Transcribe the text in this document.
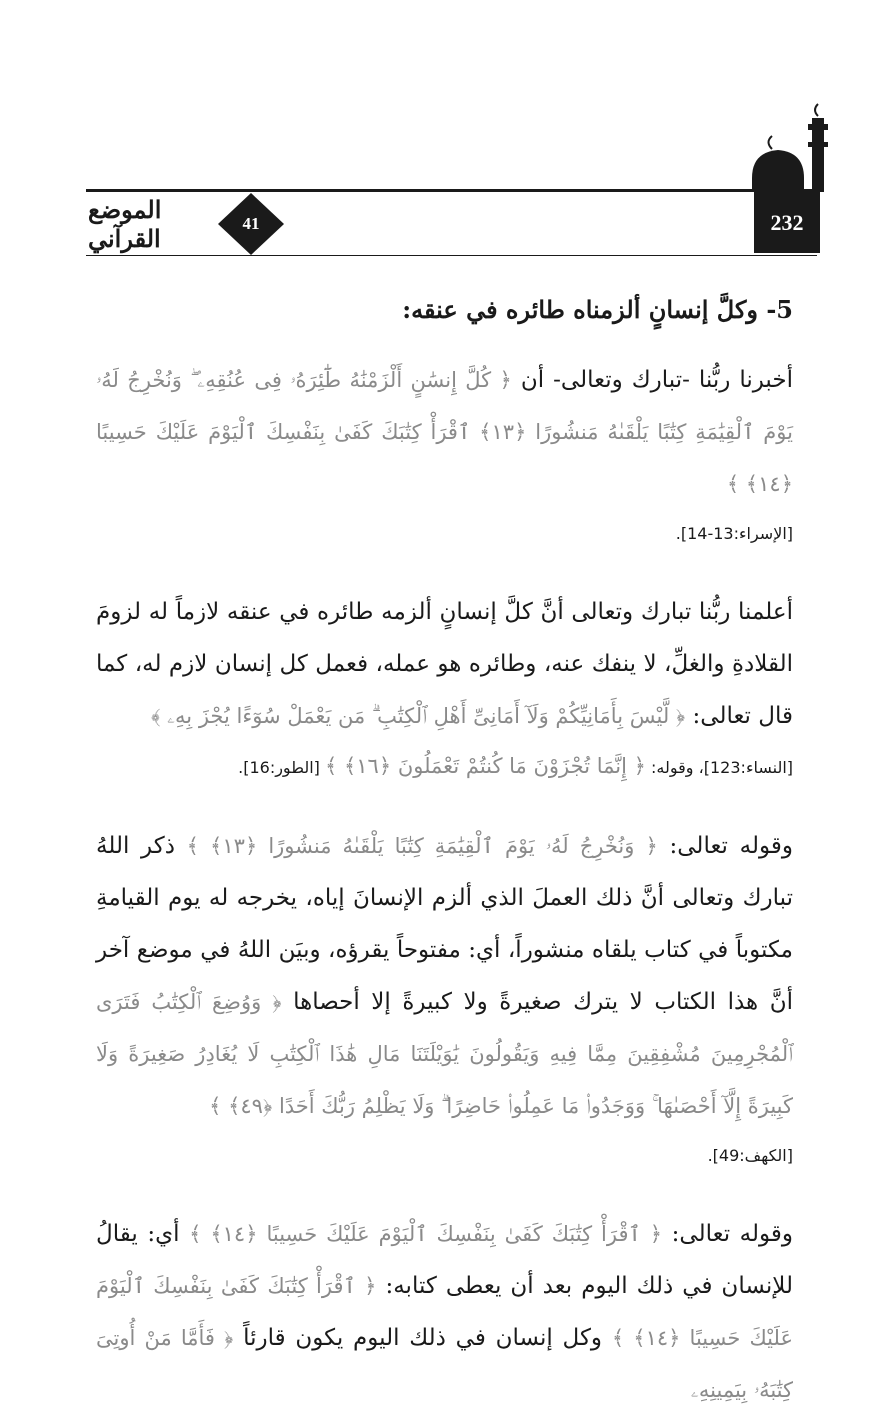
232
41
الموضع القرآني

5- وكلَّ إنسانٍ ألزمناه طائره في عنقه:

أخبرنا ربُّنا -تبارك وتعالى- أن ﴿ كُلَّ إِنسَٰنٍ أَلْزَمْنَٰهُ طَٰٓئِرَهُۥ فِى عُنُقِهِۦ ۖ وَنُخْرِجُ لَهُۥ يَوْمَ ٱلْقِيَٰمَةِ كِتَٰبًا يَلْقَىٰهُ مَنشُورًا ﴿١٣﴾ ٱقْرَأْ كِتَٰبَكَ كَفَىٰ بِنَفْسِكَ ٱلْيَوْمَ عَلَيْكَ حَسِيبًا ﴿١٤﴾ ﴾

[الإسراء:13-14].

أعلمنا ربُّنا تبارك وتعالى أنَّ كلَّ إنسانٍ ألزمه طائره في عنقه لازماً له لزومَ القلادةِ والغلِّ، لا ينفك عنه، وطائره هو عمله، فعمل كل إنسان لازم له، كما قال تعالى: ﴿ لَّيْسَ بِأَمَانِيِّكُمْ وَلَآ أَمَانِىِّ أَهْلِ ٱلْكِتَٰبِ ۗ مَن يَعْمَلْ سُوٓءًا يُجْزَ بِهِۦ ﴾

[النساء:123]، وقوله: ﴿ إِنَّمَا تُجْزَوْنَ مَا كُنتُمْ تَعْمَلُونَ ﴿١٦﴾ ﴾ [الطور:16].

وقوله تعالى: ﴿ وَنُخْرِجُ لَهُۥ يَوْمَ ٱلْقِيَٰمَةِ كِتَٰبًا يَلْقَىٰهُ مَنشُورًا ﴿١٣﴾ ﴾ ذكر اللهُ تبارك وتعالى أنَّ ذلك العملَ الذي ألزم الإنسانَ إياه، يخرجه له يوم القيامةِ مكتوباً في كتاب يلقاه منشوراً، أي: مفتوحاً يقرؤه، وبيَن اللهُ في موضع آخر أنَّ هذا الكتاب لا يترك صغيرةً ولا كبيرةً إلا أحصاها ﴿ وَوُضِعَ ٱلْكِتَٰبُ فَتَرَى ٱلْمُجْرِمِينَ مُشْفِقِينَ مِمَّا فِيهِ وَيَقُولُونَ يَٰوَيْلَتَنَا مَالِ هَٰذَا ٱلْكِتَٰبِ لَا يُغَادِرُ صَغِيرَةً وَلَا كَبِيرَةً إِلَّآ أَحْصَىٰهَا ۚ وَوَجَدُوا۟ مَا عَمِلُوا۟ حَاضِرًا ۗ وَلَا يَظْلِمُ رَبُّكَ أَحَدًا ﴿٤٩﴾ ﴾

[الكهف:49].

وقوله تعالى: ﴿ ٱقْرَأْ كِتَٰبَكَ كَفَىٰ بِنَفْسِكَ ٱلْيَوْمَ عَلَيْكَ حَسِيبًا ﴿١٤﴾ ﴾ أي: يقالُ للإنسان في ذلك اليوم بعد أن يعطى كتابه: ﴿ ٱقْرَأْ كِتَٰبَكَ كَفَىٰ بِنَفْسِكَ ٱلْيَوْمَ عَلَيْكَ حَسِيبًا ﴿١٤﴾ ﴾ وكل إنسان في ذلك اليوم يكون قارئاً ﴿ فَأَمَّا مَنْ أُوتِىَ كِتَٰبَهُۥ بِيَمِينِهِۦ
